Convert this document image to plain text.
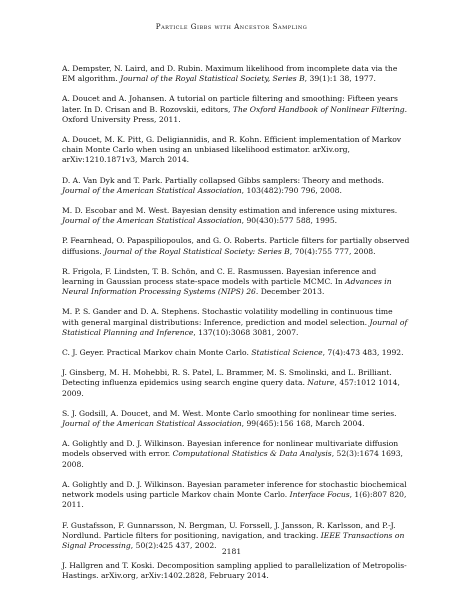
Particle Gibbs with Ancestor Sampling

A. Dempster, N. Laird, and D. Rubin. Maximum likelihood from incomplete data via the EM algorithm. Journal of the Royal Statistical Society, Series B, 39(1):1 38, 1977.

A. Doucet and A. Johansen. A tutorial on particle filtering and smoothing: Fifteen years later. In D. Crisan and B. Rozovskii, editors, The Oxford Handbook of Nonlinear Filtering. Oxford University Press, 2011.

A. Doucet, M. K. Pitt, G. Deligiannidis, and R. Kohn. Efficient implementation of Markov chain Monte Carlo when using an unbiased likelihood estimator. arXiv.org, arXiv:1210.1871v3, March 2014.

D. A. Van Dyk and T. Park. Partially collapsed Gibbs samplers: Theory and methods. Journal of the American Statistical Association, 103(482):790 796, 2008.

M. D. Escobar and M. West. Bayesian density estimation and inference using mixtures. Journal of the American Statistical Association, 90(430):577 588, 1995.

P. Fearnhead, O. Papaspiliopoulos, and G. O. Roberts. Particle filters for partially observed diffusions. Journal of the Royal Statistical Society: Series B, 70(4):755 777, 2008.

R. Frigola, F. Lindsten, T. B. Schön, and C. E. Rasmussen. Bayesian inference and learning in Gaussian process state-space models with particle MCMC. In Advances in Neural Information Processing Systems (NIPS) 26. December 2013.

M. P. S. Gander and D. A. Stephens. Stochastic volatility modelling in continuous time with general marginal distributions: Inference, prediction and model selection. Journal of Statistical Planning and Inference, 137(10):3068 3081, 2007.

C. J. Geyer. Practical Markov chain Monte Carlo. Statistical Science, 7(4):473 483, 1992.

J. Ginsberg, M. H. Mohebbi, R. S. Patel, L. Brammer, M. S. Smolinski, and L. Brilliant. Detecting influenza epidemics using search engine query data. Nature, 457:1012 1014, 2009.

S. J. Godsill, A. Doucet, and M. West. Monte Carlo smoothing for nonlinear time series. Journal of the American Statistical Association, 99(465):156 168, March 2004.

A. Golightly and D. J. Wilkinson. Bayesian inference for nonlinear multivariate diffusion models observed with error. Computational Statistics & Data Analysis, 52(3):1674 1693, 2008.

A. Golightly and D. J. Wilkinson. Bayesian parameter inference for stochastic biochemical network models using particle Markov chain Monte Carlo. Interface Focus, 1(6):807 820, 2011.

F. Gustafsson, F. Gunnarsson, N. Bergman, U. Forssell, J. Jansson, R. Karlsson, and P.-J. Nordlund. Particle filters for positioning, navigation, and tracking. IEEE Transactions on Signal Processing, 50(2):425 437, 2002.

J. Hallgren and T. Koski. Decomposition sampling applied to parallelization of Metropolis-Hastings. arXiv.org, arXiv:1402.2828, February 2014.

2181
